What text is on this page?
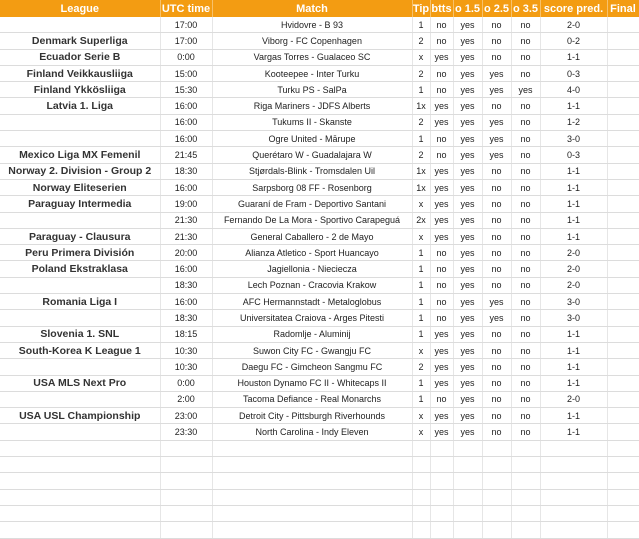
League	UTC time	Match	Tip	btts	o 1.5	o 2.5	o 3.5	score pred.	Final
	17:00	Hvidovre - B 93	1	no	yes	no	no	2-0	
Denmark Superliga	17:00	Viborg - FC Copenhagen	2	no	yes	no	no	0-2	
Ecuador Serie B	0:00	Vargas Torres - Gualaceo SC	x	yes	yes	no	no	1-1	
Finland Veikkausliiga	15:00	Kooteepee - Inter Turku	2	no	yes	yes	no	0-3	
Finland Ykkösliiga	15:30	Turku PS - SalPa	1	no	yes	yes	yes	4-0	
Latvia 1. Liga	16:00	Riga Mariners - JDFS Alberts	1x	yes	yes	no	no	1-1	
	16:00	Tukums II - Skanste	2	yes	yes	yes	no	1-2	
	16:00	Ogre United - Mārupe	1	no	yes	yes	no	3-0	
Mexico Liga MX Femenil	21:45	Querétaro W - Guadalajara W	2	no	yes	yes	no	0-3	
Norway 2. Division - Group 2	18:30	Stjørdals-Blink - Tromsdalen Uil	1x	yes	yes	no	no	1-1	
Norway Eliteserien	16:00	Sarpsborg 08 FF - Rosenborg	1x	yes	yes	no	no	1-1	
Paraguay Intermedia	19:00	Guaraní de Fram - Deportivo Santani	x	yes	yes	no	no	1-1	
	21:30	Fernando De La Mora - Sportivo Carapeguá	2x	yes	yes	no	no	1-1	
Paraguay - Clausura	21:30	General Caballero - 2 de Mayo	x	yes	yes	no	no	1-1	
Peru Primera División	20:00	Alianza Atletico - Sport Huancayo	1	no	yes	no	no	2-0	
Poland Ekstraklasa	16:00	Jagiellonia - Nieciecza	1	no	yes	no	no	2-0	
	18:30	Lech Poznan - Cracovia Krakow	1	no	yes	no	no	2-0	
Romania Liga I	16:00	AFC Hermannstadt - Metaloglobus	1	no	yes	yes	no	3-0	
	18:30	Universitatea Craiova - Arges Pitesti	1	no	yes	yes	no	3-0	
Slovenia 1. SNL	18:15	Radomlje - Aluminij	1	yes	yes	no	no	1-1	
South-Korea K League 1	10:30	Suwon City FC - Gwangju FC	x	yes	yes	no	no	1-1	
	10:30	Daegu FC - Gimcheon Sangmu FC	2	yes	yes	no	no	1-1	
USA MLS Next Pro	0:00	Houston Dynamo FC II - Whitecaps II	1	yes	yes	no	no	1-1	
	2:00	Tacoma Defiance - Real Monarchs	1	no	yes	no	no	2-0	
USA USL Championship	23:00	Detroit City - Pittsburgh Riverhounds	x	yes	yes	no	no	1-1	
	23:30	North Carolina - Indy Eleven	x	yes	yes	no	no	1-1	
